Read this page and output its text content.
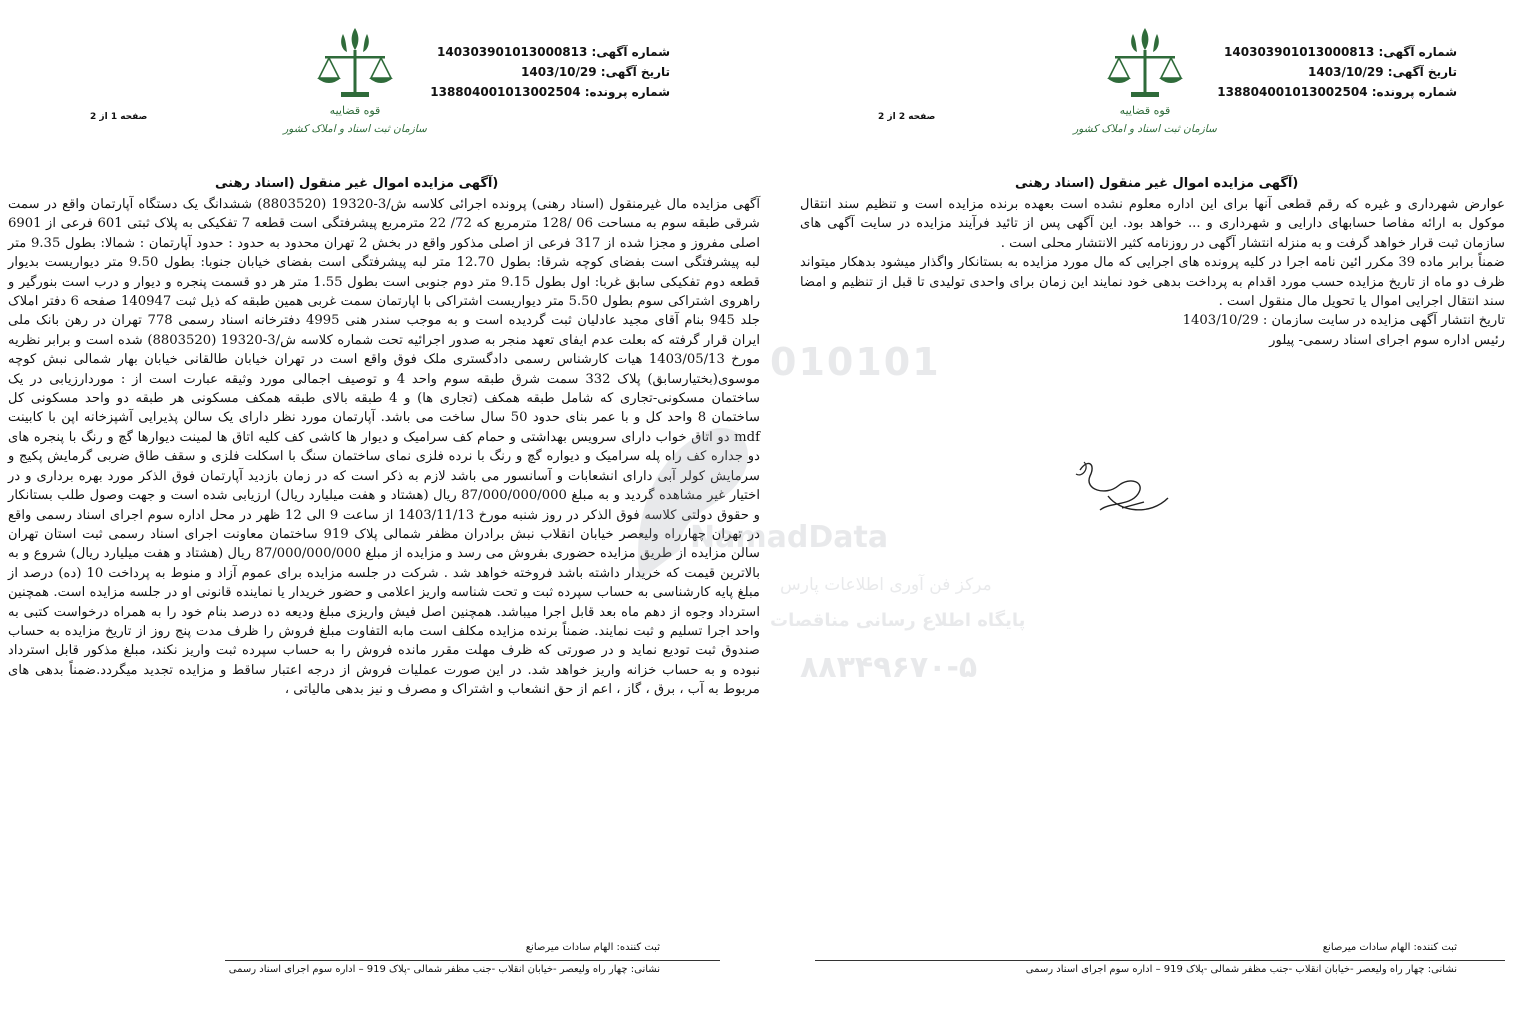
قوه قضاییه
سازمان ثبت اسناد و املاک کشور
شماره آگهی: 140303901013000813
تاریخ آگهی: 1403/10/29
شماره پرونده: 138804001013002504
صفحه 1 از 2
(آگهی مزایده اموال غیر منقول (اسناد رهنی

آگهی مزایده مال غیرمنقول (اسناد رهنی) پرونده اجرائی کلاسه ش/3-19320 (8803520) ششدانگ یک دستگاه آپارتمان واقع در سمت شرقی طبقه سوم به مساحت 06 /128 مترمربع که 72/ 22 مترمربع پیشرفتگی است قطعه 7 تفکیکی به پلاک ثبتی 601 فرعی از 6901 اصلی مفروز و مجزا شده از 317 فرعی از اصلی مذکور واقع در بخش 2 تهران محدود به حدود : حدود آپارتمان : شمالا: بطول 9.35 متر لبه پیشرفتگی است بفضای کوچه شرقا: بطول 12.70 متر لبه پیشرفتگی است بفضای خیابان جنوبا: بطول 9.50 متر دیواریست بدیوار قطعه دوم تفکیکی سابق غربا: اول بطول 9.15 متر دوم جنوبی است بطول 1.55 متر هر دو قسمت پنجره و دیوار و درب است بنورگیر و راهروی اشتراکی سوم بطول 5.50 متر دیواریست اشتراکی با اپارتمان سمت غربی همین طبقه که ذیل ثبت 140947 صفحه 6 دفتر املاک جلد 945 بنام آقای مجید عادلیان ثبت گردیده است و به موجب سندر هنی 4995 دفترخانه اسناد رسمی 778 تهران در رهن بانک ملی ایران قرار گرفته که بعلت عدم ایفای تعهد منجر به صدور اجرائیه تحت شماره کلاسه ش/3-19320 (8803520) شده است و برابر نظریه مورخ 1403/05/13 هیات کارشناس رسمی دادگستری ملک فوق واقع است در تهران خیابان طالقانی خیابان بهار شمالی نبش کوچه موسوی(بختیارسابق) پلاک 332 سمت شرق طبقه سوم واحد 4 و توصیف اجمالی مورد وثیقه عبارت است از : موردارزیابی در یک ساختمان مسکونی-تجاری که شامل طبقه همکف (تجاری ها) و 4 طبقه بالای طبقه همکف مسکونی هر طبقه دو واحد مسکونی کل ساختمان 8 واحد کل و با عمر بنای حدود 50 سال ساخت می باشد. آپارتمان مورد نظر دارای یک سالن پذیرایی آشپزخانه اپن با کابینت mdf دو اتاق خواب دارای سرویس بهداشتی و حمام کف سرامیک و دیوار ها کاشی کف کلیه اتاق ها لمینت دیوارها گچ و رنگ با پنجره های دو جداره کف راه پله سرامیک و دیواره گچ و رنگ با نرده فلزی نمای ساختمان سنگ با اسکلت فلزی و سقف طاق ضربی گرمایش پکیج و سرمایش کولر آبی دارای انشعابات و آسانسور می باشد لازم به ذکر است که در زمان بازدید آپارتمان فوق الذکر مورد بهره برداری و در اختیار غیر مشاهده گردید و به مبلغ 87/000/000/000 ریال (هشتاد و هفت میلیارد ریال) ارزیابی شده است و جهت وصول طلب بستانکار و حقوق دولتی کلاسه فوق الذکر در روز شنبه مورخ 1403/11/13 از ساعت 9 الی 12 ظهر در محل اداره سوم اجرای اسناد رسمی واقع در تهران چهارراه ولیعصر خیابان انقلاب نبش برادران مظفر شمالی پلاک 919 ساختمان معاونت اجرای اسناد رسمی ثبت استان تهران سالن مزایده از طریق مزایده حضوری بفروش می رسد و مزایده از مبلغ 87/000/000/000 ریال (هشتاد و هفت میلیارد ریال) شروع و به بالاترین قیمت که خریدار داشته باشد فروخته خواهد شد . شرکت در جلسه مزایده برای عموم آزاد و منوط به پرداخت 10 (ده) درصد از مبلغ پایه کارشناسی به حساب سپرده ثبت و تحت شناسه واریز اعلامی و حضور خریدار یا نماینده قانونی او در جلسه مزایده است. همچنین استرداد وجوه از دهم ماه بعد قابل اجرا میباشد. همچنین اصل فیش واریزی مبلغ ودیعه ده درصد بنام خود را به همراه درخواست کتبی به واحد اجرا تسلیم و ثبت نمایند. ضمناً برنده مزایده مکلف است مابه التفاوت مبلغ فروش را ظرف مدت پنج روز از تاریخ مزایده به حساب صندوق ثبت تودیع نماید و در صورتی که ظرف مهلت مقرر مانده فروش را به حساب سپرده ثبت واریز نکند، مبلغ مذکور قابل استرداد نبوده و به حساب خزانه واریز خواهد شد. در این صورت عملیات فروش از درجه اعتبار ساقط و مزایده تجدید میگردد.ضمناً بدهی های مربوط به آب ، برق ، گاز ، اعم از حق انشعاب و اشتراک و مصرف و نیز بدهی مالیاتی ،

ثبت کننده: الهام سادات میرصانع
نشانی: چهار راه ولیعصر -خیابان انقلاب -جنب مظفر شمالی -پلاک 919 – اداره سوم اجرای اسناد رسمی
قوه قضاییه
سازمان ثبت اسناد و املاک کشور
شماره آگهی: 140303901013000813
تاریخ آگهی: 1403/10/29
شماره پرونده: 138804001013002504
صفحه 2 از 2
(آگهی مزایده اموال غیر منقول (اسناد رهنی

عوارض شهرداری و غیره که رقم قطعی آنها برای این اداره معلوم نشده است بعهده برنده مزایده است و تنظیم سند انتقال موکول به ارائه مفاصا حسابهای دارایی و شهرداری و ... خواهد بود. این آگهی پس از تائید فرآیند مزایده در سایت آگهی های سازمان ثبت قرار خواهد گرفت و به منزله انتشار آگهی در روزنامه کثیر الانتشار محلی است .

ضمناً برابر ماده 39 مکرر ائین نامه اجرا در کلیه پرونده های اجرایی که مال مورد مزایده به بستانکار واگذار میشود بدهکار میتواند ظرف دو ماه از تاریخ مزایده حسب مورد اقدام به پرداخت بدهی خود نمایند این زمان برای واحدی تولیدی تا قبل از تنظیم و امضا سند انتقال اجرایی اموال یا تحویل مال منقول است .

تاریخ انتشار آگهی مزایده در سایت سازمان : 1403/10/29

رئیس اداره سوم اجرای اسناد رسمی- پیلور

ثبت کننده: الهام سادات میرصانع
نشانی: چهار راه ولیعصر -خیابان انقلاب -جنب مظفر شمالی -پلاک 919 – اداره سوم اجرای اسناد رسمی
010101
NamadData
مرکز فن آوری اطلاعات پارس
پایگاه اطلاع رسانی مناقصات
۸۸۳۴۹۶۷۰-۵
